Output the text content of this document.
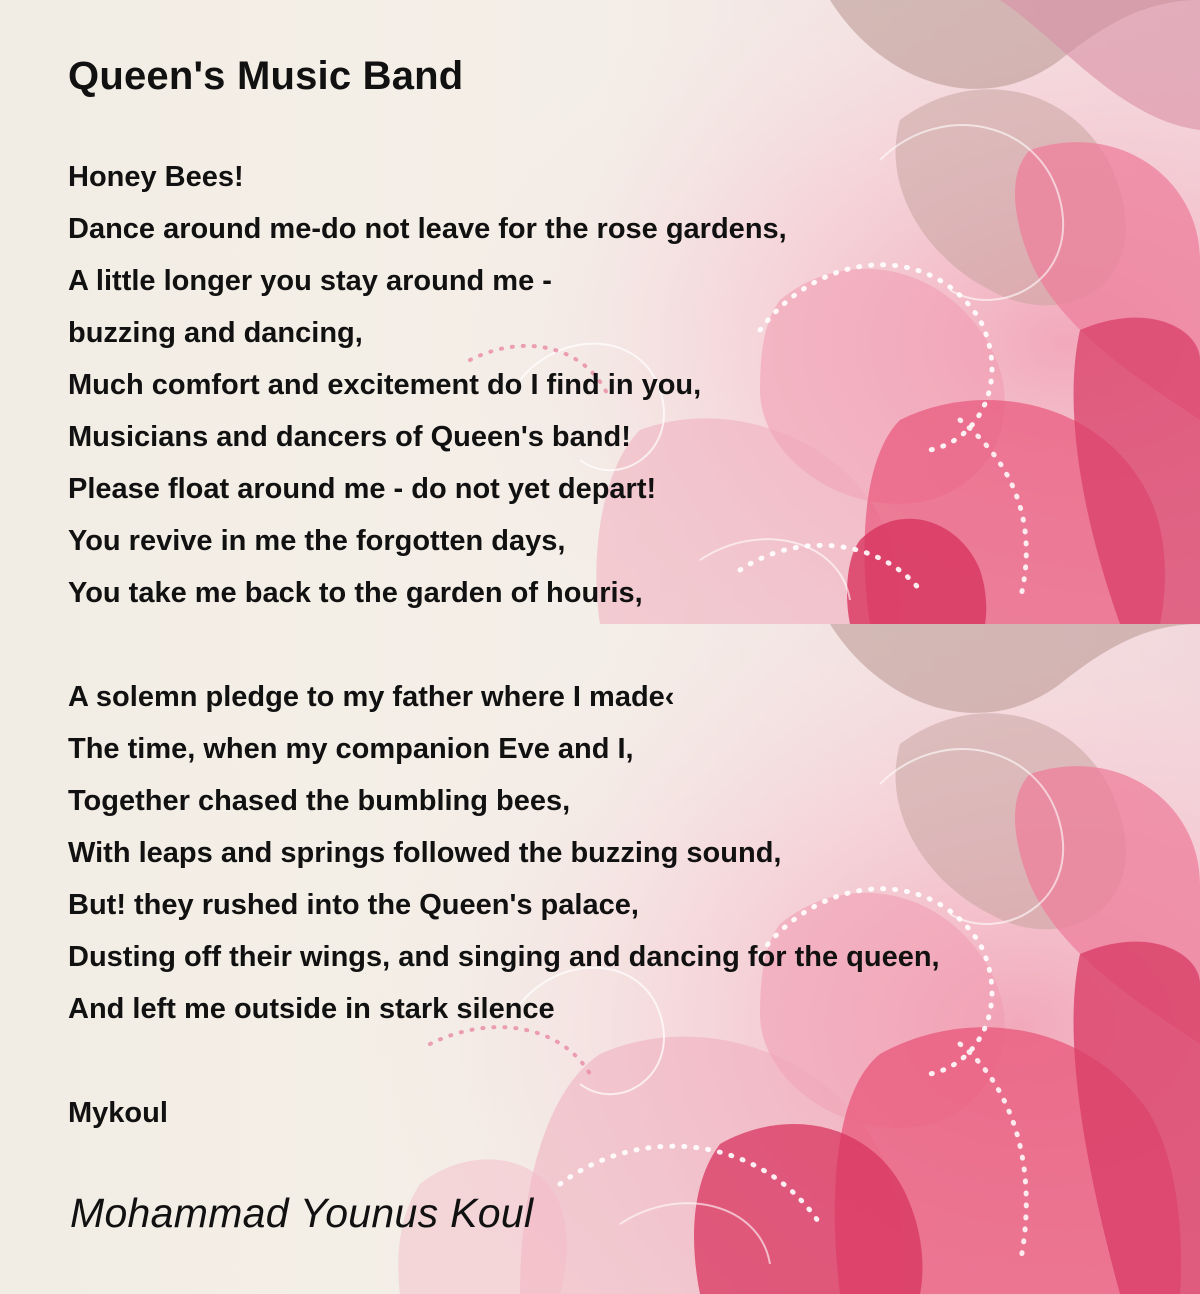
Queen's Music Band
Honey Bees!
Dance around me-do not leave for the rose gardens,
A little longer you stay around me -
buzzing and dancing,
Much comfort and excitement do I find in you,
Musicians and dancers of Queen's band!
Please float around me - do not yet depart!
You revive in me the forgotten days,
You take me back to the garden of houris,
A solemn pledge to my father where I made‹
The time, when my companion Eve and I,
Together chased the bumbling bees,
With leaps and springs followed the buzzing sound,
But! they rushed into the Queen's palace,
Dusting off their wings, and singing and dancing for the queen,
And left me outside in stark silence
Mykoul
Mohammad Younus Koul
